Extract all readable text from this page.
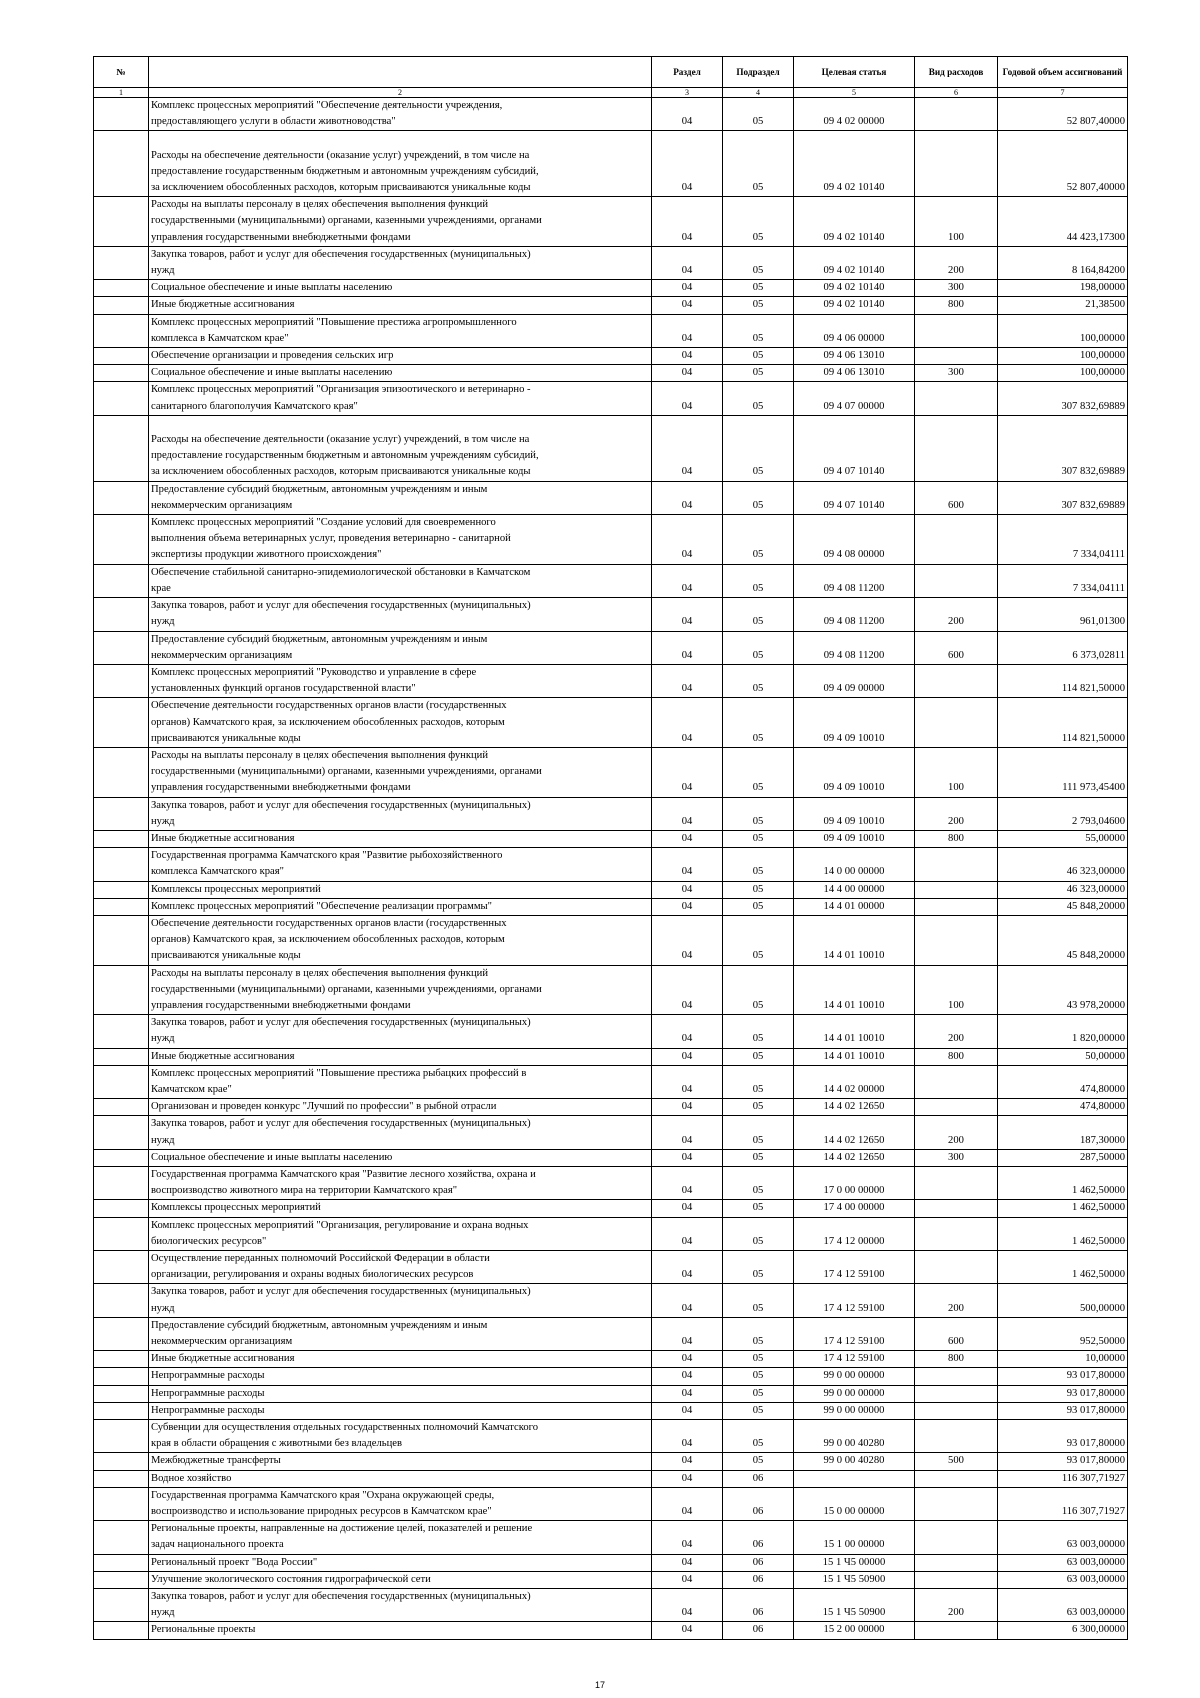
№		Раздел	Подраздел	Целевая статья	Вид расходов	Годовой объем ассигнований
1	2	3	4	5	6	7
	Комплекс процессных мероприятий "Обеспечение деятельности учреждения,
предоставляющего услуги в области животноводства"	04	05	09 4 02 00000		52 807,40000

Расходы на обеспечение деятельности (оказание услуг) учреждений, в том числе на
предоставление государственным бюджетным и автономным учреждениям субсидий,
за исключением обособленных расходов, которым присваиваются уникальные коды	04	05	09 4 02 10140		52 807,40000
	Расходы на выплаты персоналу в целях обеспечения выполнения функций
государственными (муниципальными) органами, казенными учреждениями, органами
управления государственными внебюджетными фондами	04	05	09 4 02 10140	100	44 423,17300
	Закупка товаров, работ и услуг для обеспечения государственных (муниципальных)
нужд	04	05	09 4 02 10140	200	8 164,84200
	Социальное обеспечение и иные выплаты населению	04	05	09 4 02 10140	300	198,00000
	Иные бюджетные ассигнования	04	05	09 4 02 10140	800	21,38500
	Комплекс процессных мероприятий "Повышение престижа агропромышленного
комплекса в Камчатском крае"	04	05	09 4 06 00000		100,00000
	Обеспечение организации и проведения сельских игр	04	05	09 4 06 13010		100,00000
	Социальное обеспечение и иные выплаты населению	04	05	09 4 06 13010	300	100,00000
	Комплекс процессных мероприятий "Организация эпизоотического и ветеринарно -
санитарного благополучия Камчатского края"	04	05	09 4 07 00000		307 832,69889

Расходы на обеспечение деятельности (оказание услуг) учреждений, в том числе на
предоставление государственным бюджетным и автономным учреждениям субсидий,
за исключением обособленных расходов, которым присваиваются уникальные коды	04	05	09 4 07 10140		307 832,69889
	Предоставление субсидий бюджетным, автономным учреждениям и иным
некоммерческим организациям	04	05	09 4 07 10140	600	307 832,69889
	Комплекс процессных мероприятий "Создание условий для своевременного
выполнения объема ветеринарных услуг, проведения ветеринарно - санитарной
экспертизы продукции животного происхождения"	04	05	09 4 08 00000		7 334,04111
	Обеспечение стабильной санитарно-эпидемиологической обстановки в Камчатском
крае	04	05	09 4 08 11200		7 334,04111
	Закупка товаров, работ и услуг для обеспечения государственных (муниципальных)
нужд	04	05	09 4 08 11200	200	961,01300
	Предоставление субсидий бюджетным, автономным учреждениям и иным
некоммерческим организациям	04	05	09 4 08 11200	600	6 373,02811
	Комплекс процессных мероприятий "Руководство и управление в сфере
установленных функций органов государственной власти"	04	05	09 4 09 00000		114 821,50000
	Обеспечение деятельности государственных органов власти (государственных
органов) Камчатского края, за исключением обособленных расходов, которым
присваиваются уникальные коды	04	05	09 4 09 10010		114 821,50000
	Расходы на выплаты персоналу в целях обеспечения выполнения функций
государственными (муниципальными) органами, казенными учреждениями, органами
управления государственными внебюджетными фондами	04	05	09 4 09 10010	100	111 973,45400
	Закупка товаров, работ и услуг для обеспечения государственных (муниципальных)
нужд	04	05	09 4 09 10010	200	2 793,04600
	Иные бюджетные ассигнования	04	05	09 4 09 10010	800	55,00000
	Государственная программа Камчатского края "Развитие рыбохозяйственного
комплекса Камчатского края"	04	05	14 0 00 00000		46 323,00000
	Комплексы процессных мероприятий	04	05	14 4 00 00000		46 323,00000
	Комплекс процессных мероприятий "Обеспечение реализации программы"	04	05	14 4 01 00000		45 848,20000
	Обеспечение деятельности государственных органов власти (государственных
органов) Камчатского края, за исключением обособленных расходов, которым
присваиваются уникальные коды	04	05	14 4 01 10010		45 848,20000
	Расходы на выплаты персоналу в целях обеспечения выполнения функций
государственными (муниципальными) органами, казенными учреждениями, органами
управления государственными внебюджетными фондами	04	05	14 4 01 10010	100	43 978,20000
	Закупка товаров, работ и услуг для обеспечения государственных (муниципальных)
нужд	04	05	14 4 01 10010	200	1 820,00000
	Иные бюджетные ассигнования	04	05	14 4 01 10010	800	50,00000
	Комплекс процессных мероприятий "Повышение престижа рыбацких профессий в
Камчатском крае"	04	05	14 4 02 00000		474,80000
	Организован и проведен конкурс "Лучший по профессии" в рыбной отрасли	04	05	14 4 02 12650		474,80000
	Закупка товаров, работ и услуг для обеспечения государственных (муниципальных)
нужд	04	05	14 4 02 12650	200	187,30000
	Социальное обеспечение и иные выплаты населению	04	05	14 4 02 12650	300	287,50000
	Государственная программа Камчатского края "Развитие лесного хозяйства, охрана и
воспроизводство животного мира на территории Камчатского края"	04	05	17 0 00 00000		1 462,50000
	Комплексы процессных мероприятий	04	05	17 4 00 00000		1 462,50000
	Комплекс процессных мероприятий "Организация, регулирование и охрана водных
биологических ресурсов"	04	05	17 4 12 00000		1 462,50000
	Осуществление переданных полномочий Российской Федерации в области
организации, регулирования и охраны водных биологических ресурсов	04	05	17 4 12 59100		1 462,50000
	Закупка товаров, работ и услуг для обеспечения государственных (муниципальных)
нужд	04	05	17 4 12 59100	200	500,00000
	Предоставление субсидий бюджетным, автономным учреждениям и иным
некоммерческим организациям	04	05	17 4 12 59100	600	952,50000
	Иные бюджетные ассигнования	04	05	17 4 12 59100	800	10,00000
	Непрограммные расходы	04	05	99 0 00 00000		93 017,80000
	Непрограммные расходы	04	05	99 0 00 00000		93 017,80000
	Непрограммные расходы	04	05	99 0 00 00000		93 017,80000
	Субвенции для осуществления отдельных государственных полномочий Камчатского
края в области обращения с животными без владельцев	04	05	99 0 00 40280		93 017,80000
	Межбюджетные трансферты	04	05	99 0 00 40280	500	93 017,80000
	Водное хозяйство	04	06			116 307,71927
	Государственная программа Камчатского края "Охрана окружающей среды,
воспроизводство и использование природных ресурсов в Камчатском крае"	04	06	15 0 00 00000		116 307,71927
	Региональные проекты, направленные на достижение целей, показателей и решение
задач национального проекта	04	06	15 1 00 00000		63 003,00000
	Региональный проект "Вода России"	04	06	15 1 Ч5 00000		63 003,00000
	Улучшение экологического состояния гидрографической сети	04	06	15 1 Ч5 50900		63 003,00000
	Закупка товаров, работ и услуг для обеспечения государственных (муниципальных)
нужд	04	06	15 1 Ч5 50900	200	63 003,00000
	Региональные проекты	04	06	15 2 00 00000		6 300,00000
17
